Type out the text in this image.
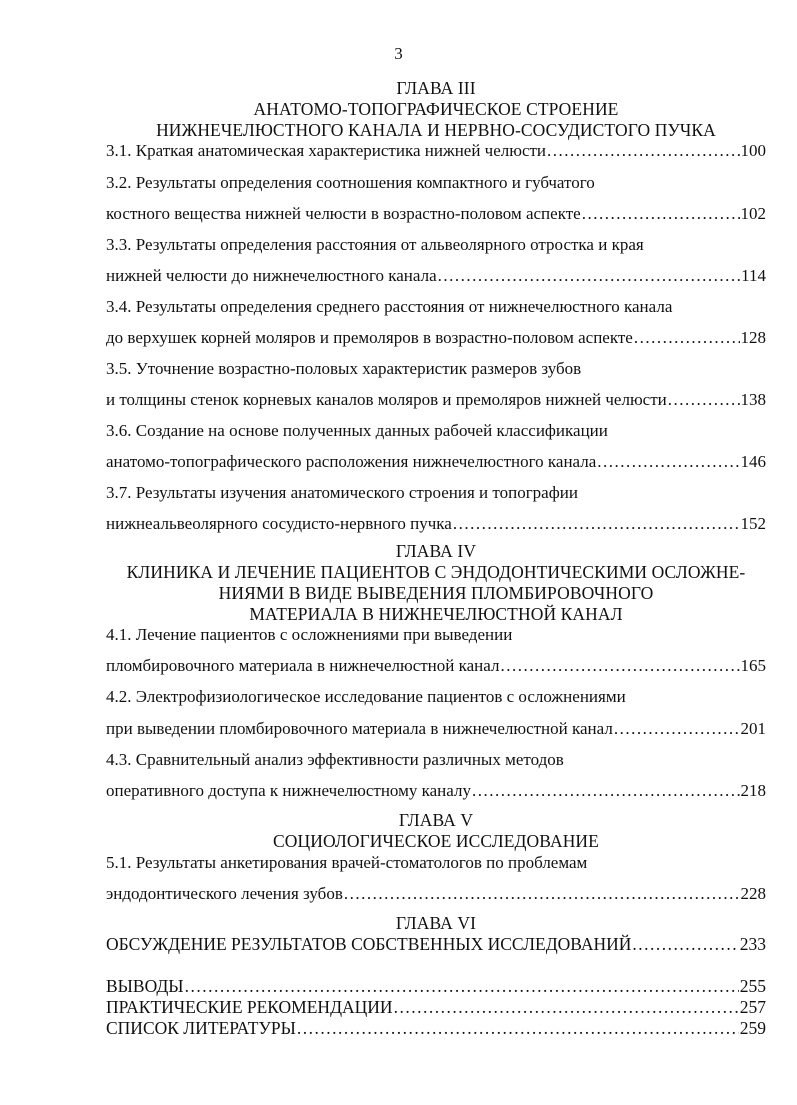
3
ГЛАВА III
АНАТОМО-ТОПОГРАФИЧЕСКОЕ СТРОЕНИЕ
НИЖНЕЧЕЛЮСТНОГО КАНАЛА И НЕРВНО-СОСУДИСТОГО ПУЧКА
3.1. Краткая анатомическая характеристика нижней челюсти .....	100
3.2. Результаты определения соотношения компактного и губчатого
костного вещества нижней челюсти в возрастно-половом аспекте .....	102
3.3. Результаты определения расстояния от альвеолярного отростка и края
нижней челюсти до нижнечелюстного канала .....	114
3.4. Результаты определения среднего расстояния от нижнечелюстного канала
до верхушек корней моляров и премоляров в возрастно-половом аспекте .....	128
3.5. Уточнение возрастно-половых характеристик размеров зубов
и толщины стенок корневых каналов моляров и премоляров нижней челюсти .....	138
3.6. Создание на основе полученных данных рабочей классификации
анатомо-топографического расположения нижнечелюстного канала .....	146
3.7. Результаты изучения анатомического строения и топографии
нижнеальвеолярного сосудисто-нервного пучка .....	152
ГЛАВА IV
КЛИНИКА И ЛЕЧЕНИЕ ПАЦИЕНТОВ С ЭНДОДОНТИЧЕСКИМИ ОСЛОЖНЕ-
НИЯМИ В ВИДЕ ВЫВЕДЕНИЯ ПЛОМБИРОВОЧНОГО
МАТЕРИАЛА В НИЖНЕЧЕЛЮСТНОЙ КАНАЛ
4.1. Лечение пациентов с осложнениями при выведении
пломбировочного материала в нижнечелюстной канал .....	165
4.2. Электрофизиологическое исследование пациентов с осложнениями
при выведении пломбировочного материала в нижнечелюстной канал .....	201
4.3. Сравнительный анализ эффективности различных методов
оперативного доступа к нижнечелюстному каналу .....	218
ГЛАВА V
СОЦИОЛОГИЧЕСКОЕ ИССЛЕДОВАНИЕ
5.1. Результаты анкетирования врачей-стоматологов по проблемам
эндодонтического лечения зубов .....	228
ГЛАВА VI
ОБСУЖДЕНИЕ РЕЗУЛЬТАТОВ СОБСТВЕННЫХ ИССЛЕДОВАНИЙ .....	233
ВЫВОДЫ .....	255
ПРАКТИЧЕСКИЕ РЕКОМЕНДАЦИИ .....	257
СПИСОК ЛИТЕРАТУРЫ .....	259
